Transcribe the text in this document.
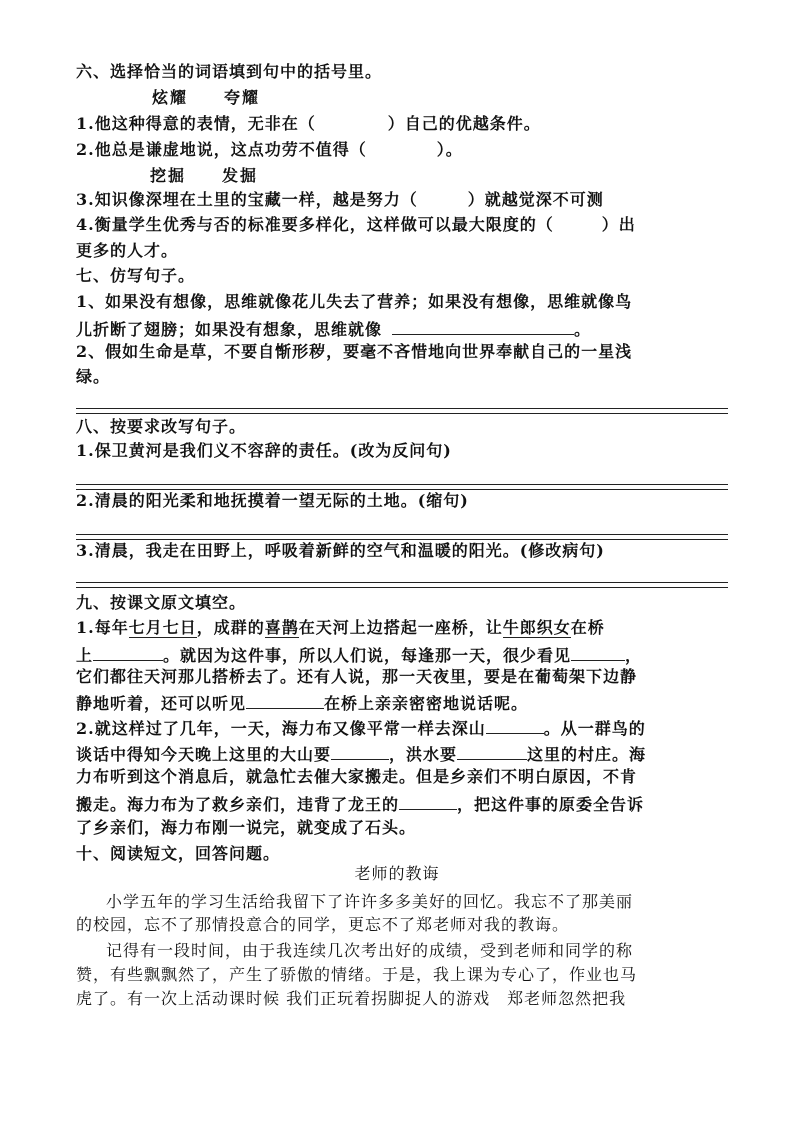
六、选择恰当的词语填到句中的括号里。
炫耀　　夸耀
1.他这种得意的表情，无非在（	）自己的优越条件。
2.他总是谦虚地说，这点功劳不值得（	）。
挖掘　　发掘
3.知识像深埋在土里的宝藏一样，越是努力（	）就越觉深不可测
4.衡量学生优秀与否的标准要多样化，这样做可以最大限度的（	）出
更多的人才。
七、仿写句子。
1、如果没有想像，思维就像花儿失去了营养；如果没有想像，思维就像鸟
儿折断了翅膀；如果没有想象，思维就像	。
2、假如生命是草，不要自惭形秽，要毫不吝惜地向世界奉献自己的一星浅
绿。
八、按要求改写句子。
1.保卫黄河是我们义不容辞的责任。(改为反问句)
2.清晨的阳光柔和地抚摸着一望无际的土地。(缩句)
3.清晨，我走在田野上，呼吸着新鲜的空气和温暖的阳光。(修改病句)
九、按课文原文填空。
1.每年七月七日，成群的喜鹊在天河上边搭起一座桥，让牛郎织女在桥
上	。就因为这件事，所以人们说，每逢那一天，很少看见	，
它们都往天河那儿搭桥去了。还有人说，那一天夜里，要是在葡萄架下边静
静地听着，还可以听见	在桥上亲亲密密地说话呢。
2.就这样过了几年，一天，海力布又像平常一样去深山	。从一群鸟的
谈话中得知今天晚上这里的大山要	，洪水要	这里的村庄。海
力布听到这个消息后，就急忙去催大家搬走。但是乡亲们不明白原因，不肯
搬走。海力布为了救乡亲们，违背了龙王的	，把这件事的原委全告诉
了乡亲们，海力布刚一说完，就变成了石头。
十、阅读短文，回答问题。
老师的教诲
小学五年的学习生活给我留下了许许多多美好的回忆。我忘不了那美丽
的校园，忘不了那情投意合的同学，更忘不了郑老师对我的教诲。
记得有一段时间，由于我连续几次考出好的成绩，受到老师和同学的称
赞，有些飘飘然了，产生了骄傲的情绪。于是，我上课为专心了，作业也马
虎了。有一次上活动课时候 我们正玩着拐脚捉人的游戏　郑老师忽然把我
